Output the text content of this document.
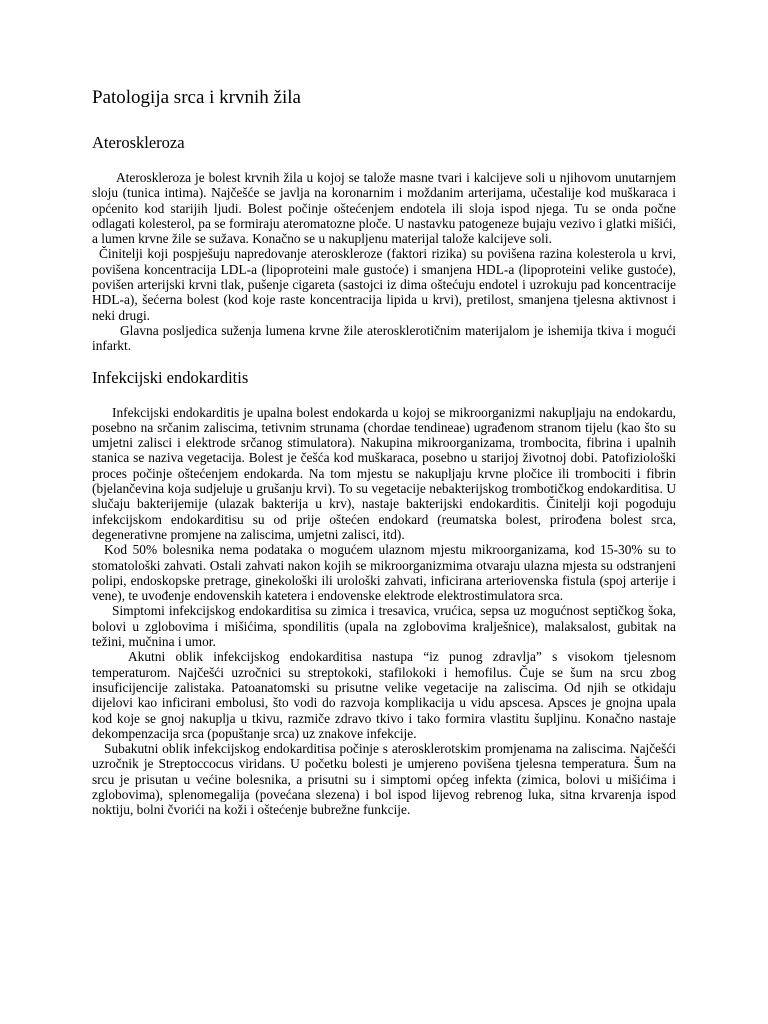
Patologija srca i krvnih žila
Ateroskleroza

Ateroskleroza je bolest krvnih žila u kojoj se talože masne tvari i kalcijeve soli u njihovom unutarnjem sloju (tunica intima). Najčešće se javlja na koronarnim i moždanim arterijama, učestalije kod muškaraca i općenito kod starijih ljudi. Bolest počinje oštećenjem endotela ili sloja ispod njega. Tu se onda počne odlagati kolesterol, pa se formiraju ateromatozne ploče. U nastavku patogeneze bujaju vezivo i glatki mišići, a lumen krvne žile se sužava. Konačno se u nakupljenu materijal talože kalcijeve soli.

Činitelji koji pospješuju napredovanje ateroskleroze (faktori rizika) su povišena razina kolesterola u krvi, povišena koncentracija LDL-a (lipoproteini male gustoće) i smanjena HDL-a (lipoproteini velike gustoće), povišen arterijski krvni tlak, pušenje cigareta (sastojci iz dima oštećuju endotel i uzrokuju pad koncentracije HDL-a), šećerna bolest (kod koje raste koncentracija lipida u krvi), pretilost, smanjena tjelesna aktivnost i neki drugi.

Glavna posljedica suženja lumena krvne žile aterosklerotičnim materijalom je ishemija tkiva i mogući infarkt.

Infekcijski endokarditis

Infekcijski endokarditis je upalna bolest endokarda u kojoj se mikroorganizmi nakupljaju na endokardu, posebno na srčanim zaliscima, tetivnim strunama (chordae tendineae) ugrađenom stranom tijelu (kao što su umjetni zalisci i elektrode srčanog stimulatora). Nakupina mikroorganizama, trombocita, fibrina i upalnih stanica se naziva vegetacija. Bolest je češća kod muškaraca, posebno u starijoj životnoj dobi. Patofiziološki proces počinje oštećenjem endokarda. Na tom mjestu se nakupljaju krvne pločice ili trombociti i fibrin (bjelančevina koja sudjeluje u grušanju krvi). To su vegetacije nebakterijskog trombotičkog endokarditisa. U slučaju bakterijemije (ulazak bakterija u krv), nastaje bakterijski endokarditis. Činitelji koji pogoduju infekcijskom endokarditisu su od prije oštećen endokard (reumatska bolest, prirođena bolest srca, degenerativne promjene na zaliscima, umjetni zalisci, itd).

Kod 50% bolesnika nema podataka o mogućem ulaznom mjestu mikroorganizama, kod 15-30% su to stomatološki zahvati. Ostali zahvati nakon kojih se mikroorganizmima otvaraju ulazna mjesta su odstranjeni polipi, endoskopske pretrage, ginekološki ili urološki zahvati, inficirana arteriovenska fistula (spoj arterije i vene), te uvođenje endovenskih katetera i endovenske elektrode elektrostimulatora srca.

Simptomi infekcijskog endokarditisa su zimica i tresavica, vrućica, sepsa uz mogućnost septičkog šoka, bolovi u zglobovima i mišićima, spondilitis (upala na zglobovima kralješnice), malaksalost, gubitak na težini, mučnina i umor.

Akutni oblik infekcijskog endokarditisa nastupa “iz punog zdravlja” s visokom tjelesnom temperaturom. Najčešći uzročnici su streptokoki, stafilokoki i hemofilus. Čuje se šum na srcu zbog insuficijencije zalistaka. Patoanatomski su prisutne velike vegetacije na zaliscima. Od njih se otkidaju dijelovi kao inficirani embolusi, što vodi do razvoja komplikacija u vidu apscesa. Apsces je gnojna upala kod koje se gnoj nakuplja u tkivu, razmiče zdravo tkivo i tako formira vlastitu šupljinu. Konačno nastaje dekompenzacija srca (popuštanje srca) uz znakove infekcije.

Subakutni oblik infekcijskog endokarditisa počinje s aterosklerotskim promjenama na zaliscima. Najčešći uzročnik je Streptoccocus viridans. U početku bolesti je umjereno povišena tjelesna temperatura. Šum na srcu je prisutan u većine bolesnika, a prisutni su i simptomi općeg infekta (zimica, bolovi u mišićima i zglobovima), splenomegalija (povećana slezena) i bol ispod lijevog rebrenog luka, sitna krvarenja ispod noktiju, bolni čvorići na koži i oštećenje bubrežne funkcije.
